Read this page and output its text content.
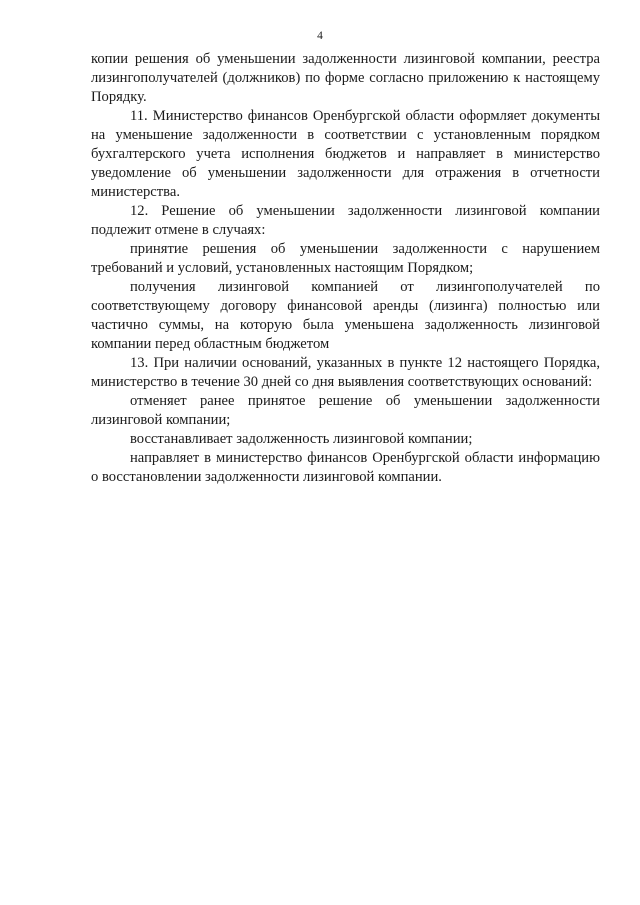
4

копии решения об уменьшении задолженности лизинговой компании, реестра лизингополучателей (должников) по форме согласно приложению к настоящему Порядку.

11. Министерство финансов Оренбургской области оформляет документы на уменьшение задолженности в соответствии с установленным порядком бухгалтерского учета исполнения бюджетов и направляет в министерство уведомление об уменьшении задолженности для отражения в отчетности министерства.

12. Решение об уменьшении задолженности лизинговой компании подлежит отмене в случаях:

принятие решения об уменьшении задолженности с нарушением требований и условий, установленных настоящим Порядком;

получения лизинговой компанией от лизингополучателей по соответствующему договору финансовой аренды (лизинга) полностью или частично суммы, на которую была уменьшена задолженность лизинговой компании перед областным бюджетом

13. При наличии оснований, указанных в пункте 12 настоящего Порядка, министерство в течение 30 дней со дня выявления соответствующих оснований:

отменяет ранее принятое решение об уменьшении задолженности лизинговой компании;

восстанавливает задолженность лизинговой компании;

направляет в министерство финансов Оренбургской области информацию о восстановлении задолженности лизинговой компании.
